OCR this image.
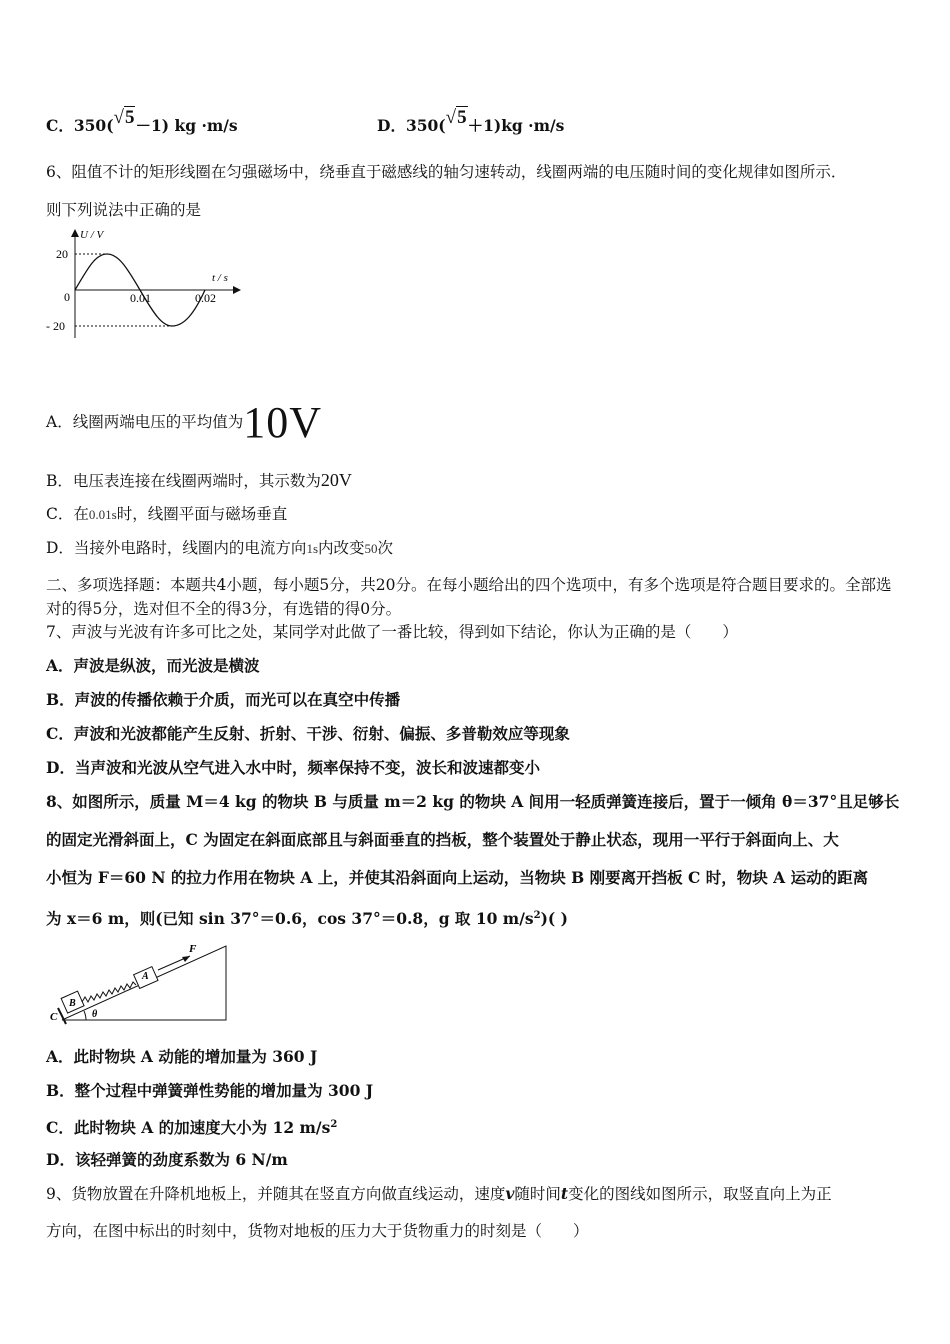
C．350(√5－1) kg ·m/s	D．350(√5＋1)kg ·m/s
6、阻值不计的矩形线圈在匀强磁场中，绕垂直于磁感线的轴匀速转动，线圈两端的电压随时间的变化规律如图所示．
则下列说法中正确的是
U / V
t / s
20
0
- 20
0.01	0.02
A．线圈两端电压的平均值为10V
B．电压表连接在线圈两端时，其示数为20V
C．在0.01s时，线圈平面与磁场垂直
D．当接外电路时，线圈内的电流方向1s内改变50次
二、多项选择题：本题共4小题，每小题5分，共20分。在每小题给出的四个选项中，有多个选项是符合题目要求的。全部选对的得5分，选对但不全的得3分，有选错的得0分。
7、声波与光波有许多可比之处，某同学对此做了一番比较，得到如下结论，你认为正确的是（　　）
A．声波是纵波，而光波是横波
B．声波的传播依赖于介质，而光可以在真空中传播
C．声波和光波都能产生反射、折射、干涉、衍射、偏振、多普勒效应等现象
D．当声波和光波从空气进入水中时，频率保持不变，波长和波速都变小
8、如图所示，质量 M＝4 kg 的物块 B 与质量 m＝2 kg 的物块 A 间用一轻质弹簧连接后，置于一倾角 θ＝37°且足够长
的固定光滑斜面上，C 为固定在斜面底部且与斜面垂直的挡板，整个装置处于静止状态，现用一平行于斜面向上、大
小恒为 F＝60 N 的拉力作用在物块 A 上，并使其沿斜面向上运动，当物块 B 刚要离开挡板 C 时，物块 A 运动的距离
为 x＝6 m，则(已知 sin 37°＝0.6，cos 37°＝0.8，g 取 10 $m/s^2$)( )
F
A
B
C	θ
A．此时物块 A 动能的增加量为 360 J
B．整个过程中弹簧弹性势能的增加量为 300 J
C．此时物块 A 的加速度大小为 12 $m/s^2$
D．该轻弹簧的劲度系数为 6 N/m
9、货物放置在升降机地板上，并随其在竖直方向做直线运动，速度v随时间t变化的图线如图所示，取竖直向上为正
方向，在图中标出的时刻中，货物对地板的压力大于货物重力的时刻是（　　）
